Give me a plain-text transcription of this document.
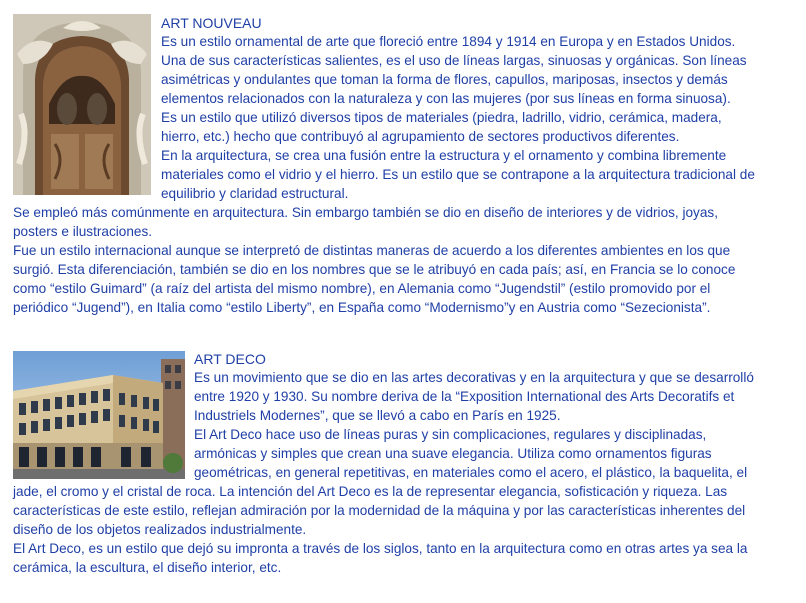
ART NOUVEAU
Es un estilo ornamental de arte que floreció entre 1894 y 1914 en Europa y en Estados Unidos.
Una de sus características salientes, es el uso de líneas largas, sinuosas y orgánicas. Son líneas
asimétricas y ondulantes que toman la forma de flores, capullos, mariposas, insectos y demás
elementos relacionados con la naturaleza y con las mujeres (por sus líneas en forma sinuosa).
Es un estilo que utilizó diversos tipos de materiales (piedra, ladrillo, vidrio, cerámica, madera,
hierro, etc.) hecho que contribuyó al agrupamiento de sectores productivos diferentes.
En la arquitectura, se crea una fusión entre la estructura y el ornamento y combina libremente
materiales como el vidrio y el hierro. Es un estilo que se contrapone a la arquitectura tradicional de
equilibrio y claridad estructural.
Se empleó más comúnmente en arquitectura. Sin embargo también se dio en diseño de interiores y de vidrios, joyas,
posters e ilustraciones.
Fue un estilo internacional aunque se interpretó de distintas maneras de acuerdo a los diferentes ambientes en los que
surgió. Esta diferenciación, también se dio en los nombres que se le atribuyó en cada país; así, en Francia se lo conoce
como “estilo Guimard” (a raíz del artista del mismo nombre), en Alemania como “Jugendstil” (estilo promovido por el
periódico “Jugend”), en Italia como “estilo Liberty”, en España como “Modernismo”y en Austria como “Sezecionista”.
ART DECO
Es un movimiento que se dio en las artes decorativas y en la arquitectura y que se desarrolló
entre 1920 y 1930. Su nombre deriva de la “Exposition International des Arts Decoratifs et
Industriels Modernes”, que se llevó a cabo en París en 1925.
El Art Deco hace uso de líneas puras y sin complicaciones, regulares y disciplinadas,
armónicas y simples que crean una suave elegancia. Utiliza como ornamentos figuras
geométricas, en general repetitivas, en materiales como el acero, el plástico, la baquelita, el
jade, el cromo y el cristal de roca. La intención del Art Deco es la de representar elegancia, sofisticación y riqueza. Las
características de este estilo, reflejan admiración por la modernidad de la máquina y por las características inherentes del
diseño de los objetos realizados industrialmente.
El Art Deco, es un estilo que dejó su impronta a través de los siglos, tanto en la arquitectura como en otras artes ya sea la
cerámica, la escultura, el diseño interior, etc.
